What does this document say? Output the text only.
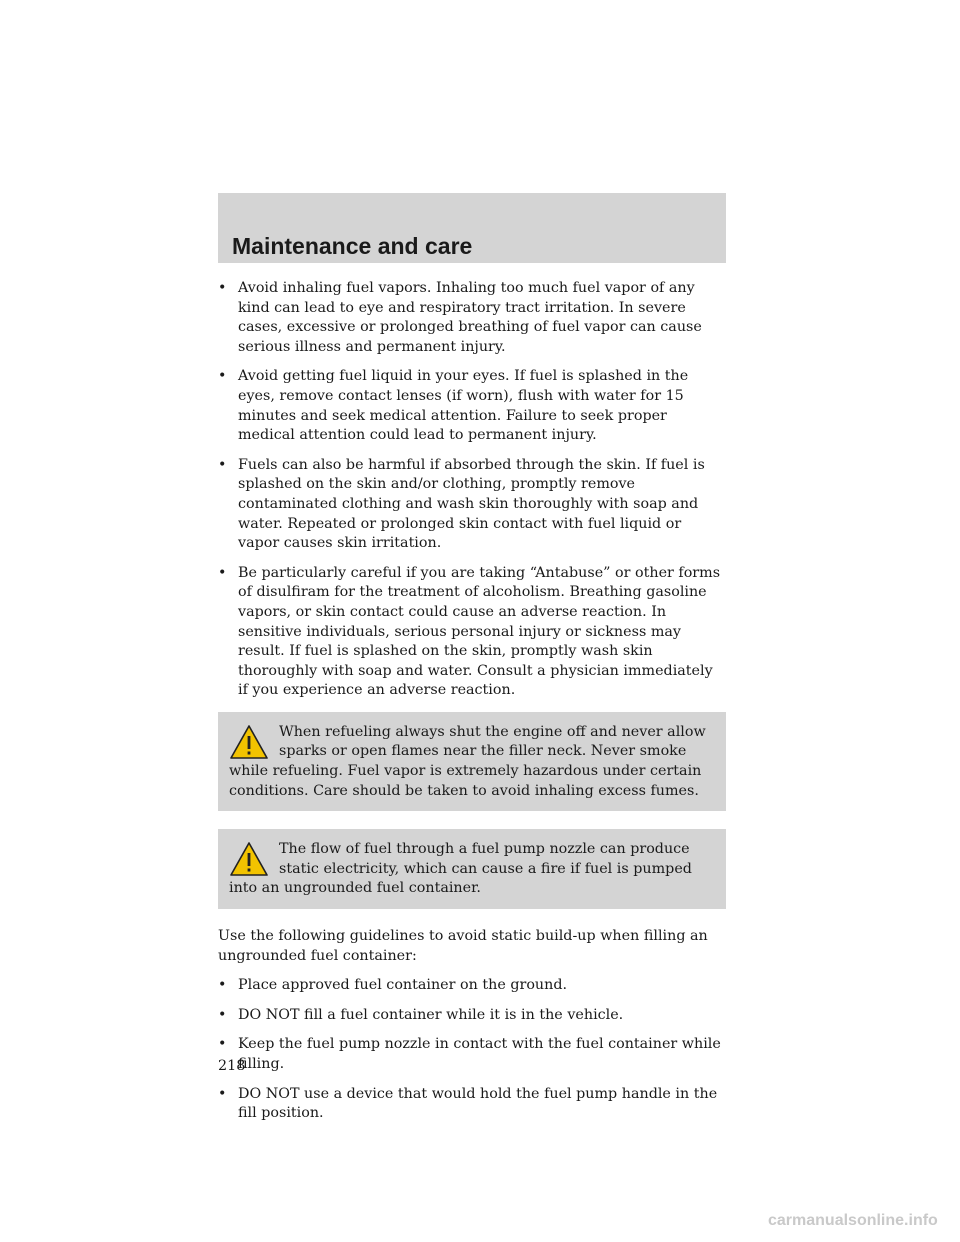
Maintenance and care
• Avoid inhaling fuel vapors. Inhaling too much fuel vapor of any kind can lead to eye and respiratory tract irritation. In severe cases, excessive or prolonged breathing of fuel vapor can cause serious illness and permanent injury.
• Avoid getting fuel liquid in your eyes. If fuel is splashed in the eyes, remove contact lenses (if worn), flush with water for 15 minutes and seek medical attention. Failure to seek proper medical attention could lead to permanent injury.
• Fuels can also be harmful if absorbed through the skin. If fuel is splashed on the skin and/or clothing, promptly remove contaminated clothing and wash skin thoroughly with soap and water. Repeated or prolonged skin contact with fuel liquid or vapor causes skin irritation.
• Be particularly careful if you are taking “Antabuse” or other forms of disulfiram for the treatment of alcoholism. Breathing gasoline vapors, or skin contact could cause an adverse reaction. In sensitive individuals, serious personal injury or sickness may result. If fuel is splashed on the skin, promptly wash skin thoroughly with soap and water. Consult a physician immediately if you experience an adverse reaction.
When refueling always shut the engine off and never allow sparks or open flames near the filler neck. Never smoke while refueling. Fuel vapor is extremely hazardous under certain conditions. Care should be taken to avoid inhaling excess fumes.
The flow of fuel through a fuel pump nozzle can produce static electricity, which can cause a fire if fuel is pumped into an ungrounded fuel container.
Use the following guidelines to avoid static build-up when filling an ungrounded fuel container:
• Place approved fuel container on the ground.
• DO NOT fill a fuel container while it is in the vehicle.
• Keep the fuel pump nozzle in contact with the fuel container while filling.
• DO NOT use a device that would hold the fuel pump handle in the fill position.
218
carmanualsonline.info
